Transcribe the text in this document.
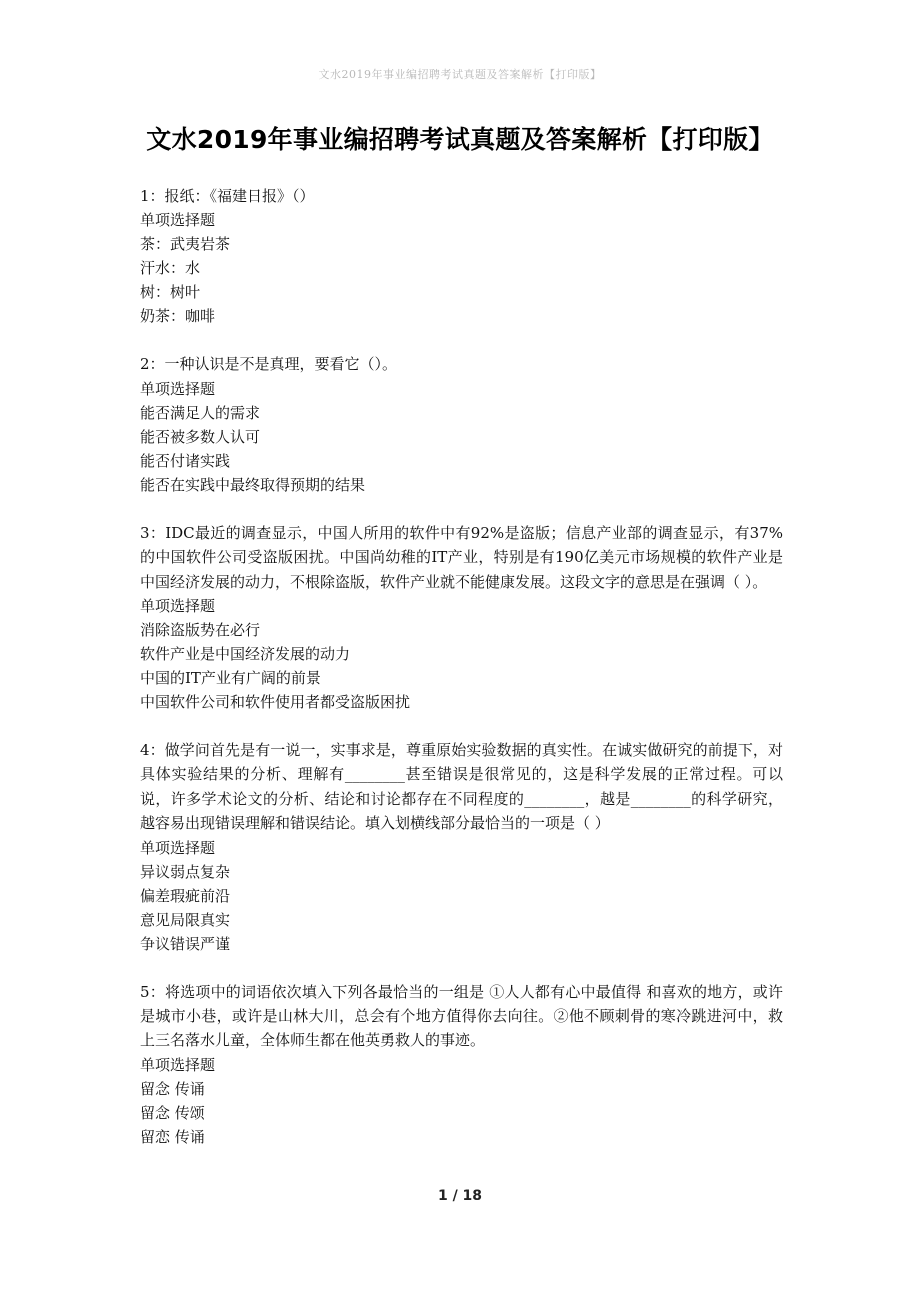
文水2019年事业编招聘考试真题及答案解析【打印版】
文水2019年事业编招聘考试真题及答案解析【打印版】
1：报纸：《福建日报》（）
单项选择题
茶：武夷岩茶
汗水：水
树：树叶
奶茶：咖啡
2：一种认识是不是真理，要看它（）。
单项选择题
能否满足人的需求
能否被多数人认可
能否付诸实践
能否在实践中最终取得预期的结果
3：IDC最近的调查显示，中国人所用的软件中有92%是盗版；信息产业部的调查显示，有37%的中国软件公司受盗版困扰。中国尚幼稚的IT产业，特别是有190亿美元市场规模的软件产业是中国经济发展的动力，不根除盗版，软件产业就不能健康发展。这段文字的意思是在强调（ ）。
单项选择题
消除盗版势在必行
软件产业是中国经济发展的动力
中国的IT产业有广阔的前景
中国软件公司和软件使用者都受盗版困扰
4：做学问首先是有一说一，实事求是，尊重原始实验数据的真实性。在诚实做研究的前提下，对具体实验结果的分析、理解有________甚至错误是很常见的，这是科学发展的正常过程。可以说，许多学术论文的分析、结论和讨论都存在不同程度的________，越是________的科学研究，越容易出现错误理解和错误结论。填入划横线部分最恰当的一项是（ ）
单项选择题
异议弱点复杂
偏差瑕疵前沿
意见局限真实
争议错误严谨
5：将选项中的词语依次填入下列各最恰当的一组是 ①人人都有心中最值得 和喜欢的地方，或许是城市小巷，或许是山林大川，总会有个地方值得你去向往。②他不顾刺骨的寒冷跳进河中，救上三名落水儿童，全体师生都在他英勇救人的事迹。
单项选择题
留念 传诵
留念 传颂
留恋 传诵
1 / 18
